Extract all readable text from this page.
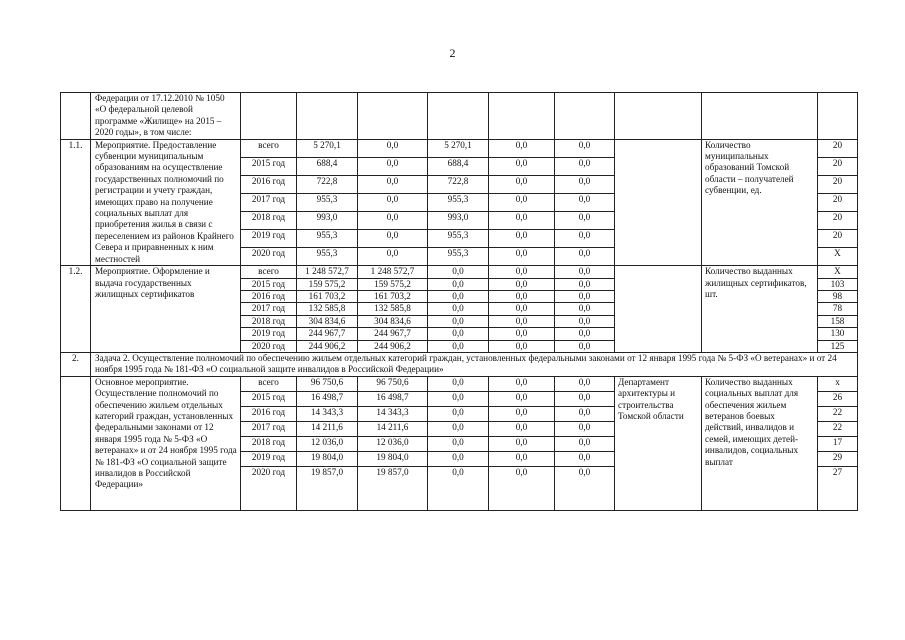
2
	Федерации от 17.12.2010 № 1050 «О федеральной целевой программе «Жилище» на 2015 – 2020 годы», в том числе:									
1.1.	Мероприятие. Предоставление субвенции муниципальным образованиям на осуществление государственных полномочий по регистрации и учету граждан, имеющих право на получение социальных выплат для приобретения жилья в связи с переселением из районов Крайнего Севера и приравненных к ним местностей	всего	5 270,1	0,0	5 270,1	0,0	0,0		Количество муниципальных образований Томской области – получателей субвенции, ед.	20
		2015 год	688,4	0,0	688,4	0,0	0,0			20
		2016 год	722,8	0,0	722,8	0,0	0,0			20
		2017 год	955,3	0,0	955,3	0,0	0,0			20
		2018 год	993,0	0,0	993,0	0,0	0,0			20
		2019 год	955,3	0,0	955,3	0,0	0,0			20
		2020 год	955,3	0,0	955,3	0,0	0,0			Х
1.2.	Мероприятие. Оформление и выдача государственных жилищных сертификатов	всего	1 248 572,7	1 248 572,7	0,0	0,0	0,0		Количество выданных жилищных сертификатов, шт.	Х
		2015 год	159 575,2	159 575,2	0,0	0,0	0,0			103
		2016 год	161 703,2	161 703,2	0,0	0,0	0,0			98
		2017 год	132 585,8	132 585,8	0,0	0,0	0,0			78
		2018 год	304 834,6	304 834,6	0,0	0,0	0,0			158
		2019 год	244 967,7	244 967,7	0,0	0,0	0,0			130
		2020 год	244 906,2	244 906,2	0,0	0,0	0,0			125
2.	Задача 2. Осуществление полномочий по обеспечению жильем отдельных категорий граждан, установленных федеральными законами от 12 января 1995 года № 5-ФЗ «О ветеранах» и от 24 ноября 1995 года № 181-ФЗ «О социальной защите инвалидов в Российской Федерации»									
	Основное мероприятие. Осуществление полномочий по обеспечению жильем отдельных категорий граждан, установленных федеральными законами от 12 января 1995 года № 5-ФЗ «О ветеранах» и от 24 ноября 1995 года № 181-ФЗ «О социальной защите инвалидов в Российской Федерации»	всего	96 750,6	96 750,6	0,0	0,0	0,0	Департамент архитектуры и строительства Томской области	Количество выданных социальных выплат для обеспечения жильем ветеранов боевых действий, инвалидов и семей, имеющих детей-инвалидов, социальных выплат	х
		2015 год	16 498,7	16 498,7	0,0	0,0	0,0			26
		2016 год	14 343,3	14 343,3	0,0	0,0	0,0			22
		2017 год	14 211,6	14 211,6	0,0	0,0	0,0			22
		2018 год	12 036,0	12 036,0	0,0	0,0	0,0			17
		2019 год	19 804,0	19 804,0	0,0	0,0	0,0			29
		2020 год	19 857,0	19 857,0	0,0	0,0	0,0			27
